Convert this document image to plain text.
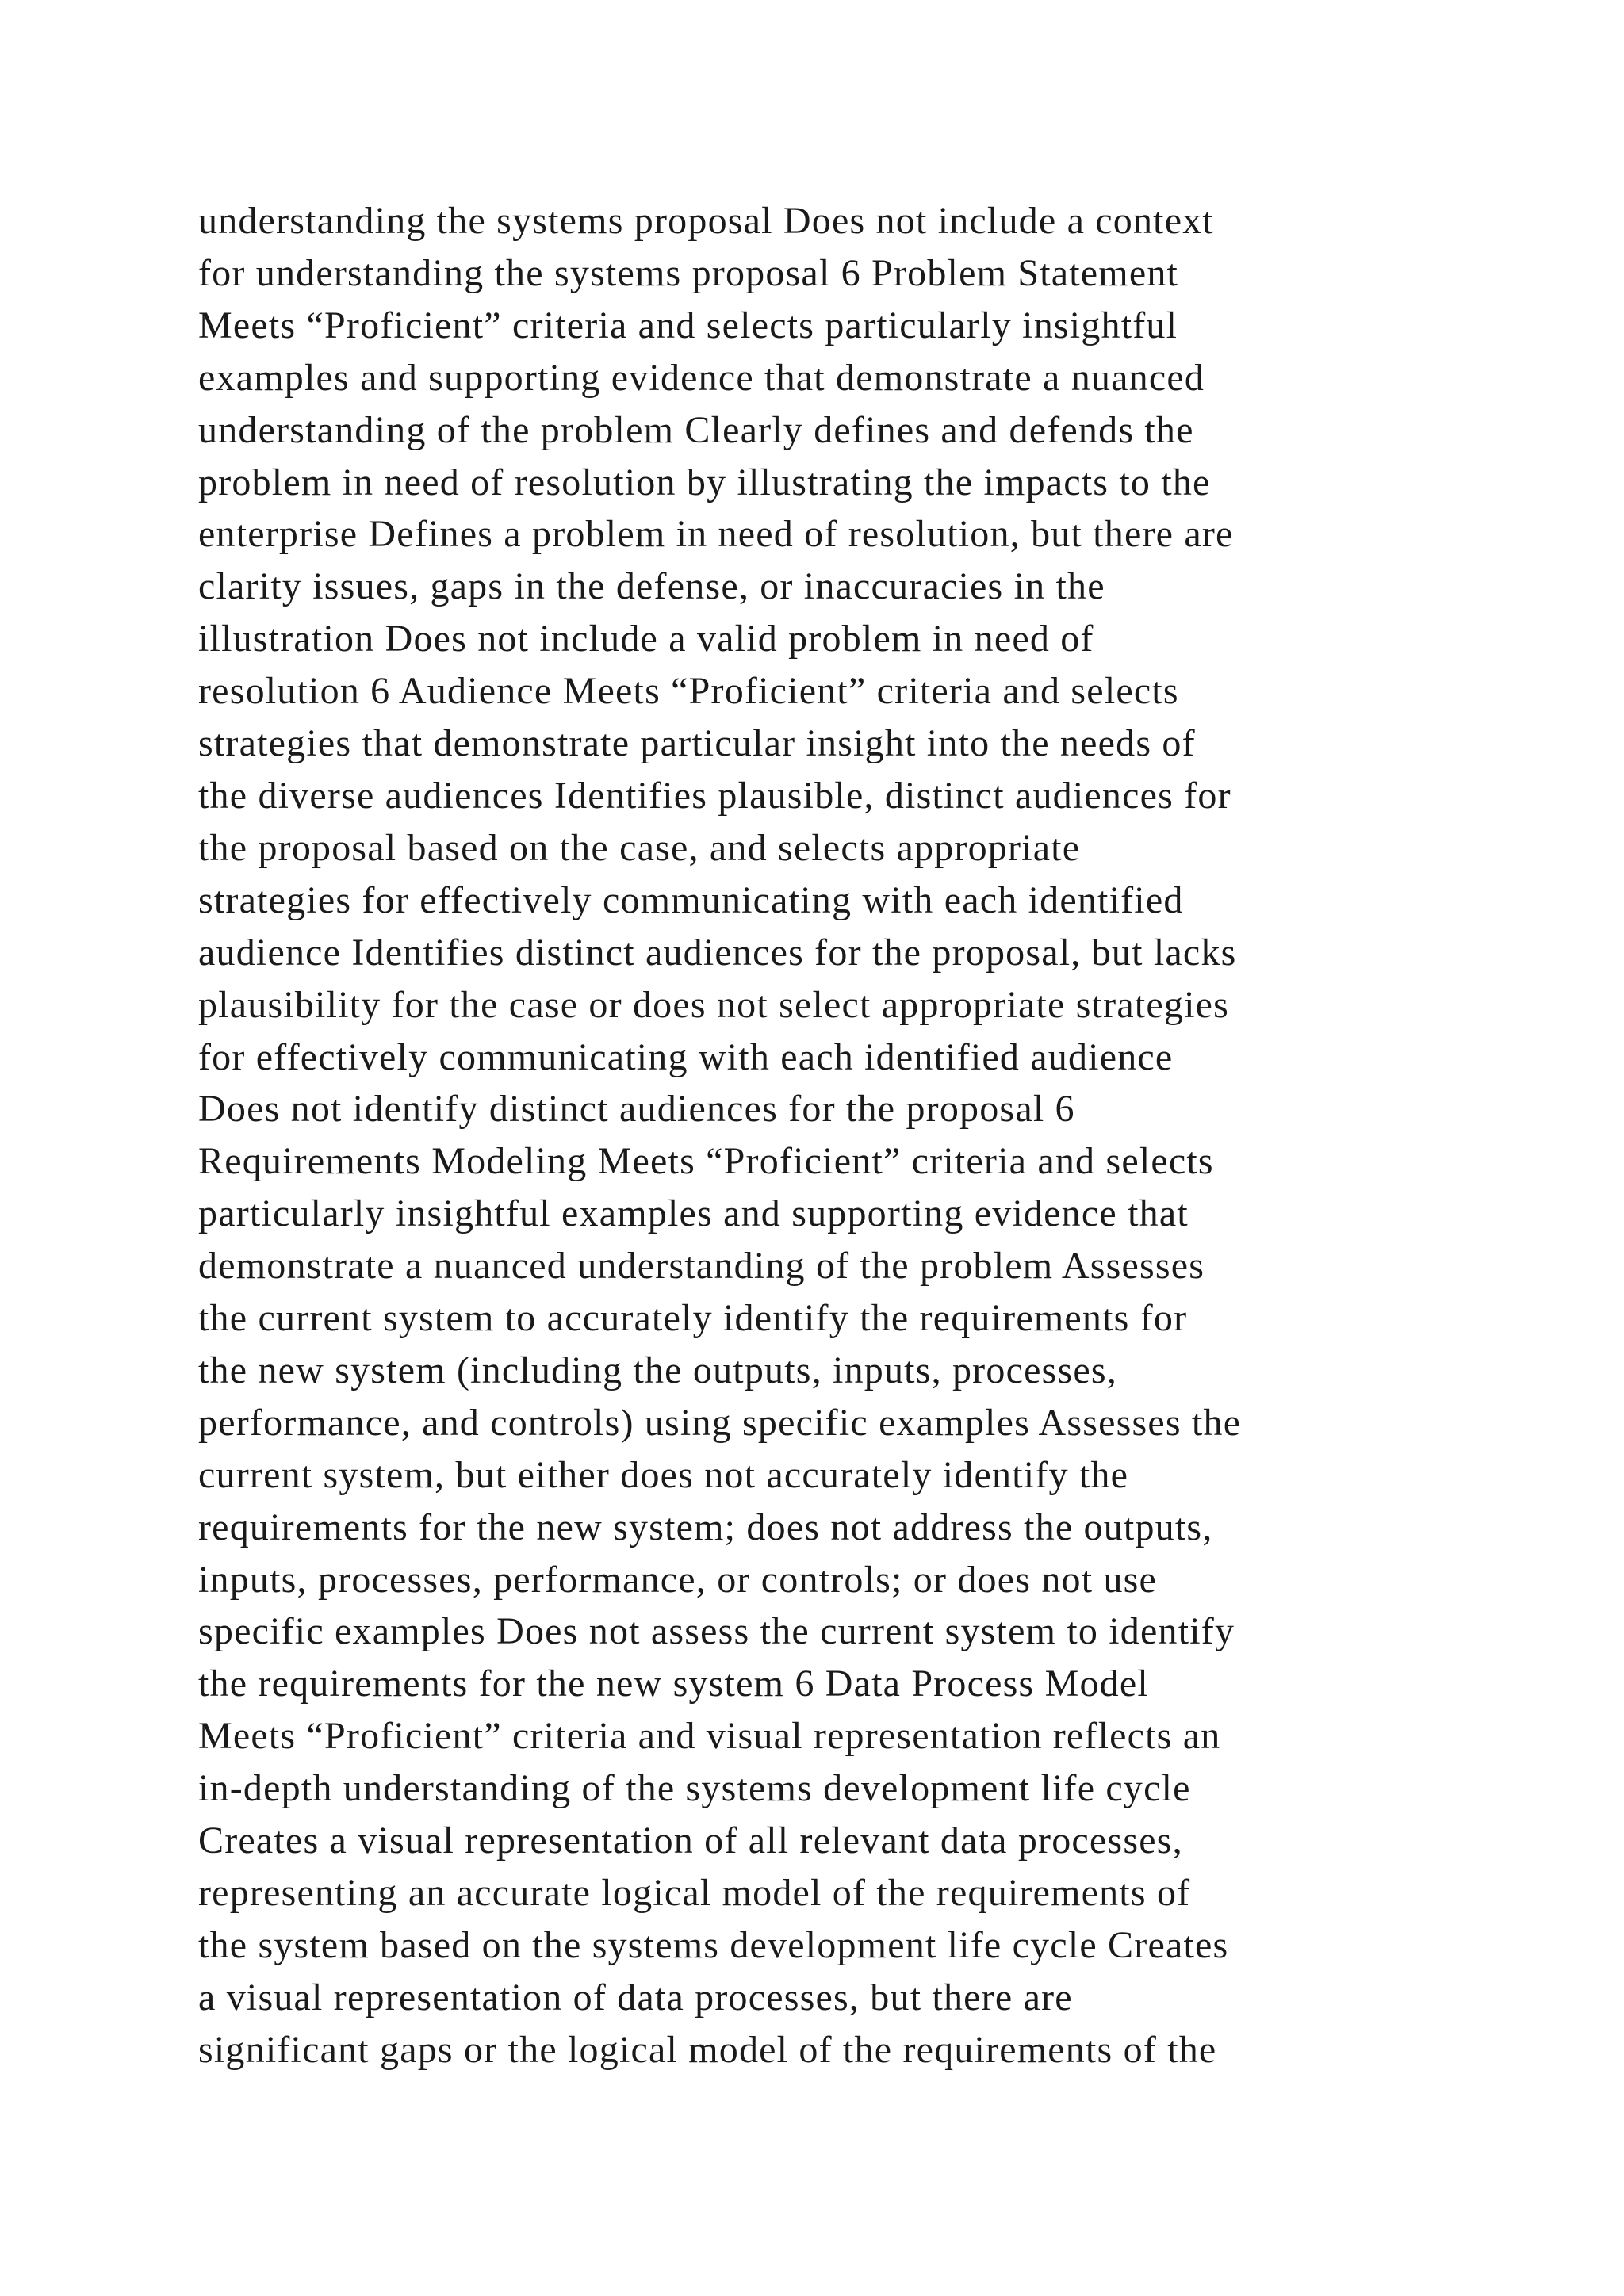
understanding the systems proposal Does not include a context
for understanding the systems proposal 6 Problem Statement
Meets “Proficient” criteria and selects particularly insightful
examples and supporting evidence that demonstrate a nuanced
understanding of the problem Clearly defines and defends the
problem in need of resolution by illustrating the impacts to the
enterprise Defines a problem in need of resolution, but there are
clarity issues, gaps in the defense, or inaccuracies in the
illustration Does not include a valid problem in need of
resolution 6 Audience Meets “Proficient” criteria and selects
strategies that demonstrate particular insight into the needs of
the diverse audiences Identifies plausible, distinct audiences for
the proposal based on the case, and selects appropriate
strategies for effectively communicating with each identified
audience Identifies distinct audiences for the proposal, but lacks
plausibility for the case or does not select appropriate strategies
for effectively communicating with each identified audience
Does not identify distinct audiences for the proposal 6
Requirements Modeling Meets “Proficient” criteria and selects
particularly insightful examples and supporting evidence that
demonstrate a nuanced understanding of the problem Assesses
the current system to accurately identify the requirements for
the new system (including the outputs, inputs, processes,
performance, and controls) using specific examples Assesses the
current system, but either does not accurately identify the
requirements for the new system; does not address the outputs,
inputs, processes, performance, or controls; or does not use
specific examples Does not assess the current system to identify
the requirements for the new system 6 Data Process Model
Meets “Proficient” criteria and visual representation reflects an
in-depth understanding of the systems development life cycle
Creates a visual representation of all relevant data processes,
representing an accurate logical model of the requirements of
the system based on the systems development life cycle Creates
a visual representation of data processes, but there are
significant gaps or the logical model of the requirements of the
